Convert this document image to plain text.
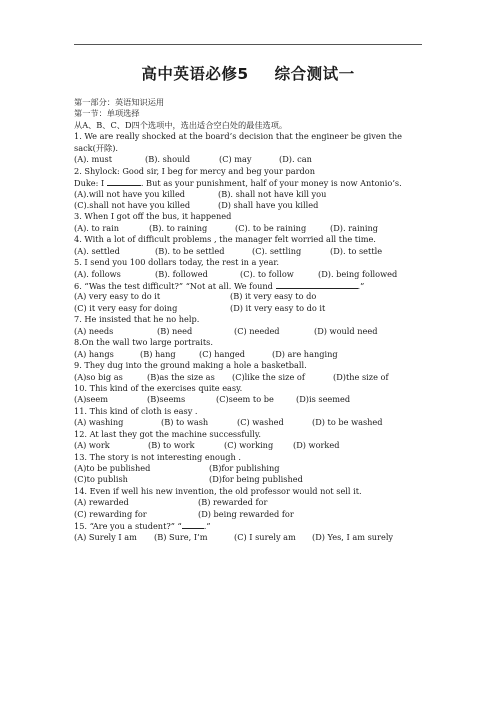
高中英语必修5 综合测试一
第一部分：英语知识运用
第一节：单项选择
从A、B、C、D四个选项中，选出适合空白处的最佳选项。
1. We are really shocked at the board’s decision that the engineer be given the
sack(开除).
(A). must	(B). should	(C) may	(D). can
2. Shylock: Good sir, I beg for mercy and beg your pardon
Duke: I	. But as your punishment, half of your money is now Antonio’s.
(A).will not have you killed	(B). shall not have kill you
(C).shall not have you killed	(D) shall have you killed
3. When I got off the bus, it happened
(A). to rain	(B). to raining	(C). to be raining	(D). raining
4. With a lot of difficult problems , the manager felt worried all the time.
(A). settled	(B). to be settled	(C). settling	(D). to settle
5. I send you 100 dollars today, the rest in a year.
(A). follows	(B). followed	(C). to follow	(D). being followed
6. “Was the test difficult?” “Not at all. We found	.”
(A) very easy to do it	(B) it very easy to do
(C) it very easy for doing	(D) it very easy to do it
7. He insisted that he no help.
(A) needs	(B) need	(C) needed	(D) would need
8.On the wall two large portraits.
(A) hangs	(B) hang	(C) hanged	(D) are hanging
9. They dug into the ground making a hole a basketball.
(A)so big as	(B)as the size as	(C)like the size of	(D)the size of
10. This kind of the exercises quite easy.
(A)seem	(B)seems	(C)seem to be	(D)is seemed
11. This kind of cloth is easy .
(A) washing	(B) to wash	(C) washed	(D) to be washed
12. At last they got the machine successfully.
(A) work	(B) to work	(C) working	(D) worked
13. The story is not interesting enough .
(A)to be published	(B)for publishing
(C)to publish	(D)for being published
14. Even if well his new invention, the old professor would not sell it.
(A) rewarded	(B) rewarded for
(C) rewarding for	(D) being rewarded for
15. “Are you a student?” “	.”
(A) Surely I am	(B) Sure, I’m	(C) I surely am	(D) Yes, I am surely
